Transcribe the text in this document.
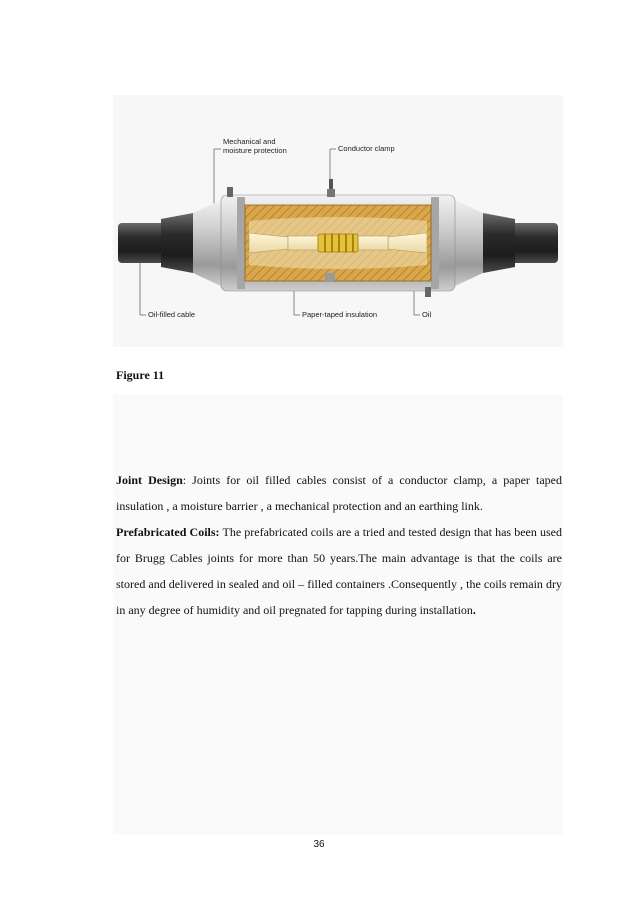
Mechanical and
moisture protection	Conductor clamp
Oil-filled cable	Paper-taped insulation	Oil
Figure 11
Joint Design: Joints for oil filled cables consist of a conductor clamp, a paper taped insulation , a moisture barrier , a mechanical protection and an earthing link.
Prefabricated Coils: The prefabricated coils are a tried and tested design that has been used for Brugg Cables joints for more than 50 years.The main advantage is that the coils are stored and delivered in sealed and oil – filled containers .Consequently , the coils remain dry in any degree of humidity and oil pregnated for tapping during installation.
36
